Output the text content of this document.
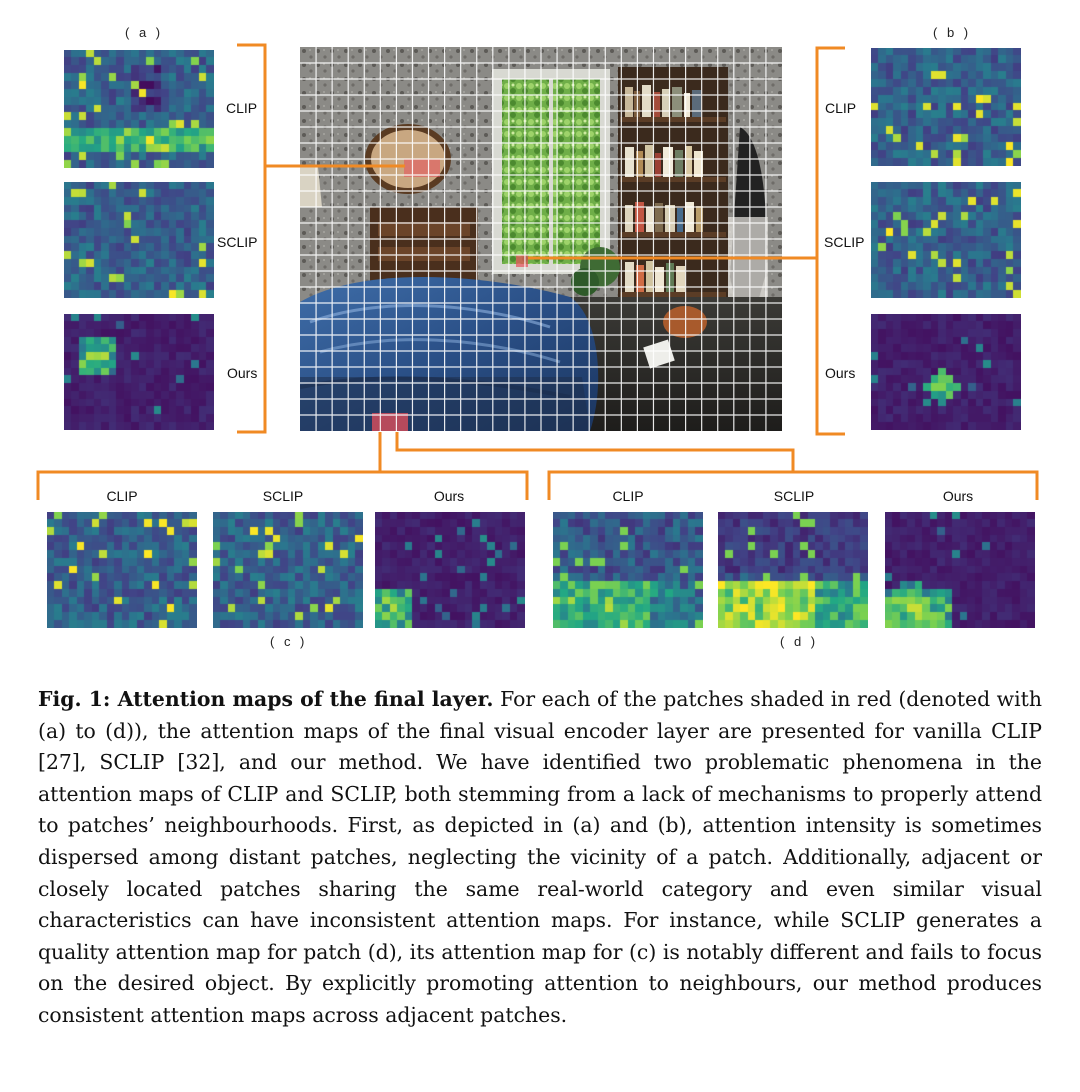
( a )	( b )
( c )	( d )
CLIP
SCLIP
Ours
CLIP
SCLIP
Ours
CLIP	SCLIP	Ours	CLIP	SCLIP	Ours
Fig. 1: Attention maps of the final layer. For each of the patches shaded in red (denoted with (a) to (d)), the attention maps of the final visual encoder layer are presented for vanilla CLIP [27], SCLIP [32], and our method. We have identified two problematic phenomena in the attention maps of CLIP and SCLIP, both stemming from a lack of mechanisms to properly attend to patches’ neighbourhoods. First, as depicted in (a) and (b), attention intensity is sometimes dispersed among distant patches, neglecting the vicinity of a patch. Additionally, adjacent or closely located patches sharing the same real-world category and even similar visual characteristics can have inconsistent attention maps. For instance, while SCLIP generates a quality attention map for patch (d), its attention map for (c) is notably different and fails to focus on the desired object. By explicitly promoting attention to neighbours, our method produces consistent attention maps across adjacent patches.
